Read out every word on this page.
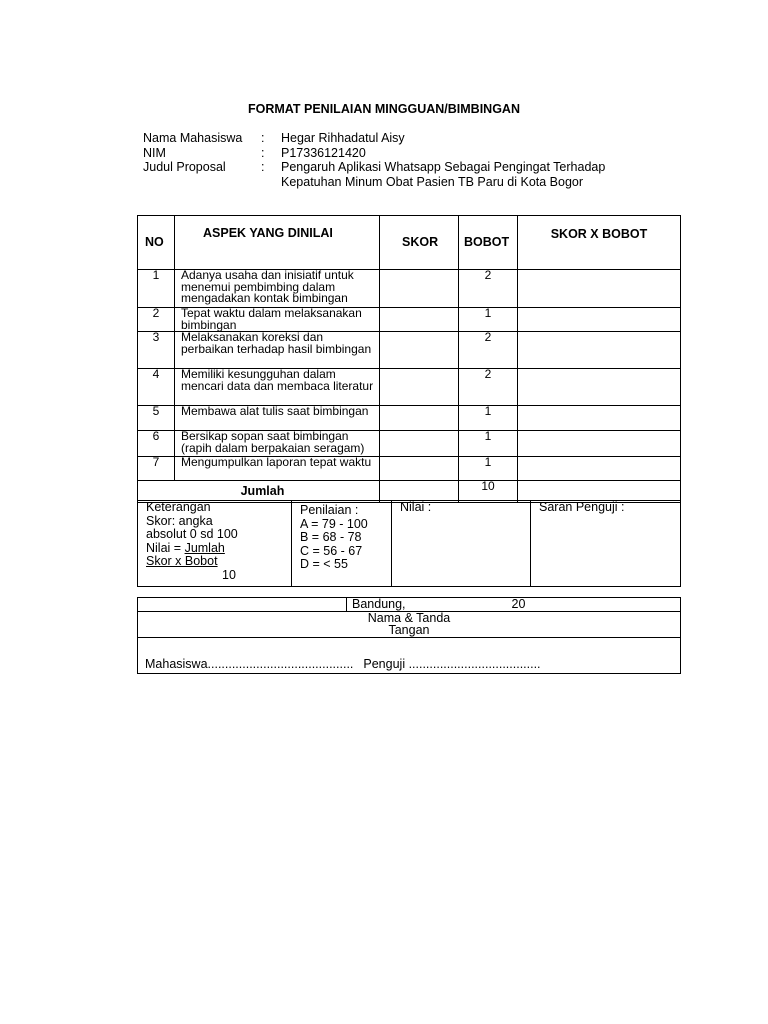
FORMAT PENILAIAN MINGGUAN/BIMBINGAN
Nama Mahasiswa	:	Hegar Rihhadatul Aisy
NIM	:	P17336121420
Judul Proposal	:	Pengaruh Aplikasi Whatsapp Sebagai Pengingat Terhadap Kepatuhan Minum Obat Pasien TB Paru di Kota Bogor
NO	ASPEK YANG DINILAI	SKOR	BOBOT	SKOR X BOBOT
1	Adanya usaha dan inisiatif untuk menemui pembimbing dalam mengadakan kontak bimbingan		2	
2	Tepat waktu dalam melaksanakan bimbingan		1	
3	Melaksanakan koreksi dan perbaikan terhadap hasil bimbingan		2	
4	Memiliki kesungguhan dalam mencari data dan membaca literatur		2	
5	Membawa alat tulis saat bimbingan		1	
6	Bersikap sopan saat bimbingan (rapih dalam berpakaian seragam)		1	
7	Mengumpulkan laporan tepat waktu		1	
Jumlah			10	
Keterangan
Skor: angka
absolut 0 sd 100
Nilai = Jumlah
Skor x Bobot
10

Penilaian :
A = 79 - 100
B = 68 - 78
C = 56 - 67
D = < 55
	Nilai :	Saran Penguji :
	Bandung,	20

Nama & Tanda
Tangan

Mahasiswa.......................................... Penguji ......................................
